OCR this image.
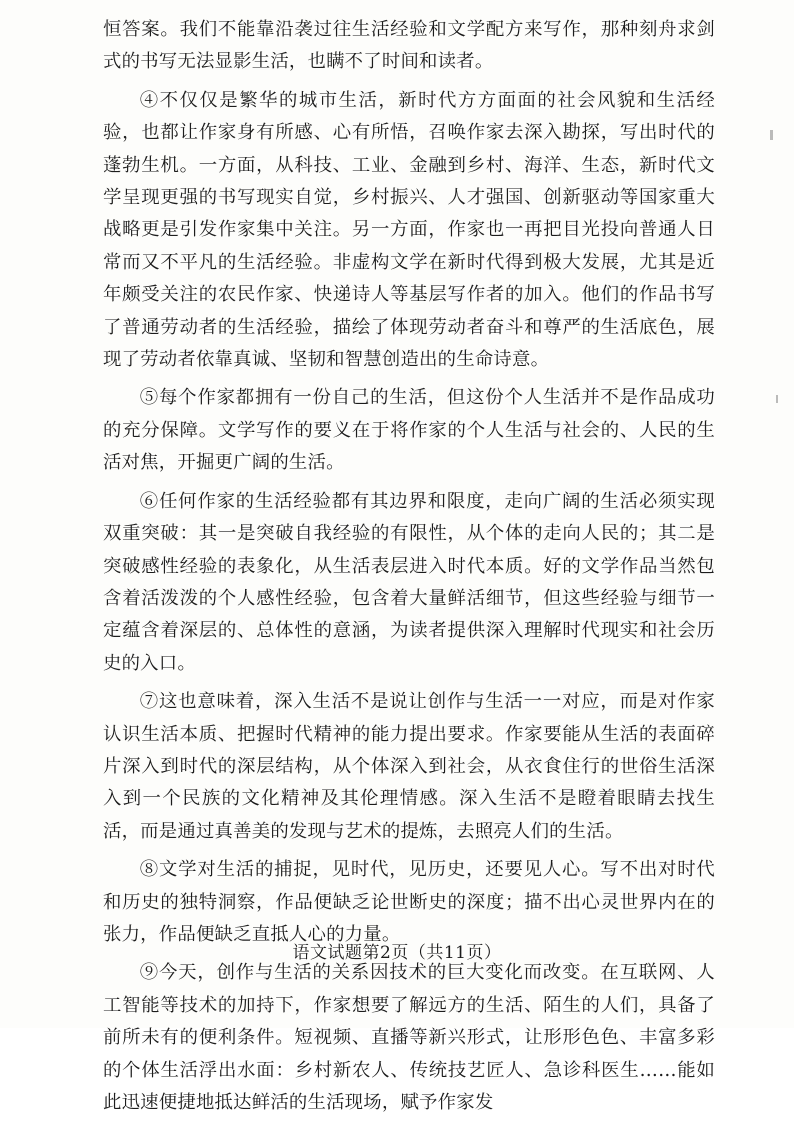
恒答案。我们不能靠沿袭过往生活经验和文学配方来写作，那种刻舟求剑式的书写无法显影生活，也瞒不了时间和读者。

④不仅仅是繁华的城市生活，新时代方方面面的社会风貌和生活经验，也都让作家身有所感、心有所悟，召唤作家去深入勘探，写出时代的蓬勃生机。一方面，从科技、工业、金融到乡村、海洋、生态，新时代文学呈现更强的书写现实自觉，乡村振兴、人才强国、创新驱动等国家重大战略更是引发作家集中关注。另一方面，作家也一再把目光投向普通人日常而又不平凡的生活经验。非虚构文学在新时代得到极大发展，尤其是近年颇受关注的农民作家、快递诗人等基层写作者的加入。他们的作品书写了普通劳动者的生活经验，描绘了体现劳动者奋斗和尊严的生活底色，展现了劳动者依靠真诚、坚韧和智慧创造出的生命诗意。

⑤每个作家都拥有一份自己的生活，但这份个人生活并不是作品成功的充分保障。文学写作的要义在于将作家的个人生活与社会的、人民的生活对焦，开掘更广阔的生活。

⑥任何作家的生活经验都有其边界和限度，走向广阔的生活必须实现双重突破：其一是突破自我经验的有限性，从个体的走向人民的；其二是突破感性经验的表象化，从生活表层进入时代本质。好的文学作品当然包含着活泼泼的个人感性经验，包含着大量鲜活细节，但这些经验与细节一定蕴含着深层的、总体性的意涵，为读者提供深入理解时代现实和社会历史的入口。

⑦这也意味着，深入生活不是说让创作与生活一一对应，而是对作家认识生活本质、把握时代精神的能力提出要求。作家要能从生活的表面碎片深入到时代的深层结构，从个体深入到社会，从衣食住行的世俗生活深入到一个民族的文化精神及其伦理情感。深入生活不是瞪着眼睛去找生活，而是通过真善美的发现与艺术的提炼，去照亮人们的生活。

⑧文学对生活的捕捉，见时代，见历史，还要见人心。写不出对时代和历史的独特洞察，作品便缺乏论世断史的深度；描不出心灵世界内在的张力，作品便缺乏直抵人心的力量。

⑨今天，创作与生活的关系因技术的巨大变化而改变。在互联网、人工智能等技术的加持下，作家想要了解远方的生活、陌生的人们，具备了前所未有的便利条件。短视频、直播等新兴形式，让形形色色、丰富多彩的个体生活浮出水面：乡村新农人、传统技艺匠人、急诊科医生……能如此迅速便捷地抵达鲜活的生活现场，赋予作家发

语文试题第2页（共11页）
